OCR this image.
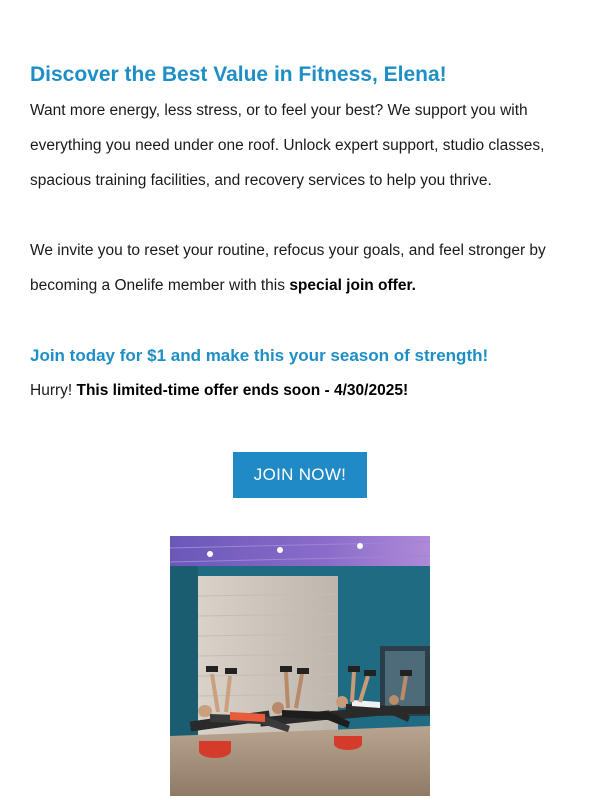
Discover the Best Value in Fitness, Elena!

Want more energy, less stress, or to feel your best? We support you with everything you need under one roof. Unlock expert support, studio classes, spacious training facilities, and recovery services to help you thrive.

We invite you to reset your routine, refocus your goals, and feel stronger by becoming a Onelife member with this special join offer.

Join today for $1 and make this your season of strength!

Hurry! This limited-time offer ends soon - 4/30/2025!

JOIN NOW!
